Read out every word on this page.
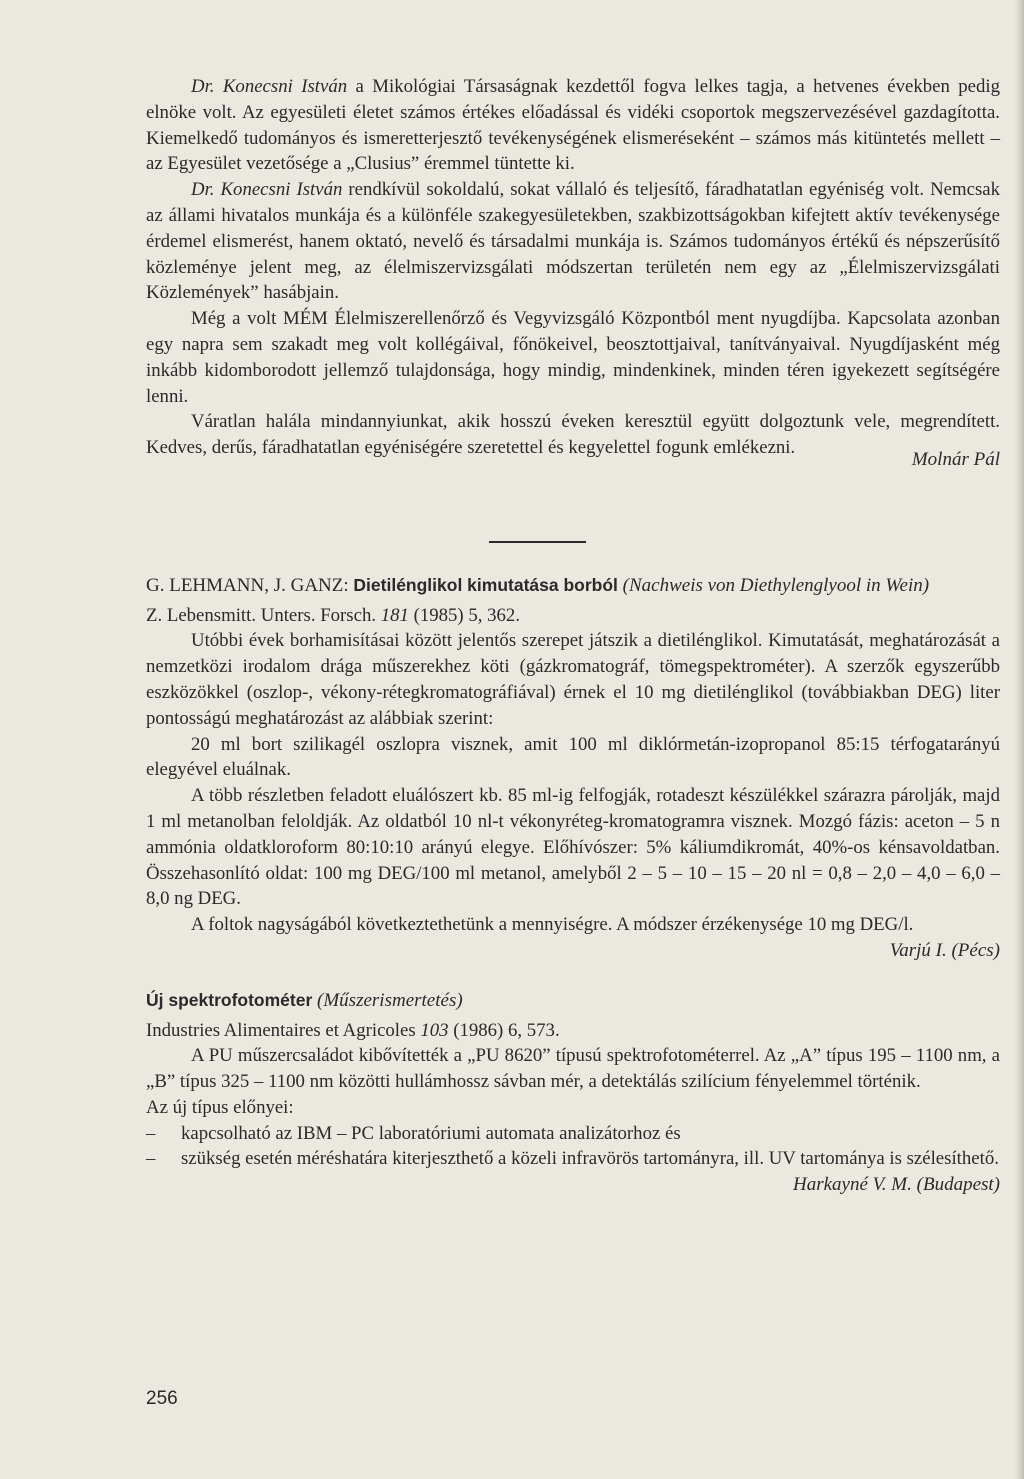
Dr. Konecsni István a Mikológiai Társaságnak kezdettől fogva lelkes tagja, a hetvenes években pedig elnöke volt. Az egyesületi életet számos értékes előadással és vidéki csoportok megszervezésével gazdagította. Kiemelkedő tudományos és ismeretterjesztő tevékenységének elismeréseként – számos más kitüntetés mellett – az Egyesület vezetősége a „Clusius” éremmel tüntette ki.

Dr. Konecsni István rendkívül sokoldalú, sokat vállaló és teljesítő, fáradhatatlan egyéniség volt. Nemcsak az állami hivatalos munkája és a különféle szakegyesületekben, szakbizottságokban kifejtett aktív tevékenysége érdemel elismerést, hanem oktató, nevelő és társadalmi munkája is. Számos tudományos értékű és népszerűsítő közleménye jelent meg, az élelmiszervizsgálati módszertan területén nem egy az „Élelmiszervizsgálati Közlemények” hasábjain.

Még a volt MÉM Élelmiszerellenőrző és Vegyvizsgáló Központból ment nyugdíjba. Kapcsolata azonban egy napra sem szakadt meg volt kollégáival, főnökeivel, beosztottjaival, tanítványaival. Nyugdíjasként még inkább kidomborodott jellemző tulajdonsága, hogy mindig, mindenkinek, minden téren igyekezett segítségére lenni.

Váratlan halála mindannyiunkat, akik hosszú éveken keresztül együtt dolgoztunk vele, megrendített. Kedves, derűs, fáradhatatlan egyéniségére szeretettel és kegyelettel fogunk emlékezni.

Molnár Pál

G. LEHMANN, J. GANZ: Dietilénglikol kimutatása borból (Nachweis von Diethylenglyool in Wein)

Z. Lebensmitt. Unters. Forsch. 181 (1985) 5, 362.

Utóbbi évek borhamisításai között jelentős szerepet játszik a dietilénglikol. Kimutatását, meghatározását a nemzetközi irodalom drága műszerekhez köti (gázkromatográf, tömegspektrométer). A szerzők egyszerűbb eszközökkel (oszlop-, vékony-rétegkromatográfiával) érnek el 10 mg dietilénglikol (továbbiakban DEG) liter pontosságú meghatározást az alábbiak szerint:

20 ml bort szilikagél oszlopra visznek, amit 100 ml diklórmetán-izopropanol 85:15 térfogatarányú elegyével eluálnak.

A több részletben feladott eluálószert kb. 85 ml-ig felfogják, rotadeszt készülékkel szárazra párolják, majd 1 ml metanolban feloldják. Az oldatból 10 nl-t vékonyréteg-kromatogramra visznek. Mozgó fázis: aceton – 5 n ammónia oldatkloroform 80:10:10 arányú elegye. Előhívószer: 5% káliumdikromát, 40%-os kénsavoldatban. Összehasonlító oldat: 100 mg DEG/100 ml metanol, amelyből 2 – 5 – 10 – 15 – 20 nl = 0,8 – 2,0 – 4,0 – 6,0 – 8,0 ng DEG.

A foltok nagyságából következtethetünk a mennyiségre. A módszer érzékenysége 10 mg DEG/l.

Varjú I. (Pécs)

Új spektrofotométer (Műszerismertetés)

Industries Alimentaires et Agricoles 103 (1986) 6, 573.

A PU műszercsaládot kibővítették a „PU 8620” típusú spektrofotométerrel. Az „A” típus 195 – 1100 nm, a „B” típus 325 – 1100 nm közötti hullámhossz sávban mér, a detektálás szilícium fényelemmel történik.

Az új típus előnyei:

–	kapcsolható az IBM – PC laboratóriumi automata analizátorhoz és
–	szükség esetén méréshatára kiterjeszthető a közeli infravörös tartományra, ill. UV tartománya is szélesíthető.

Harkayné V. M. (Budapest)

256
